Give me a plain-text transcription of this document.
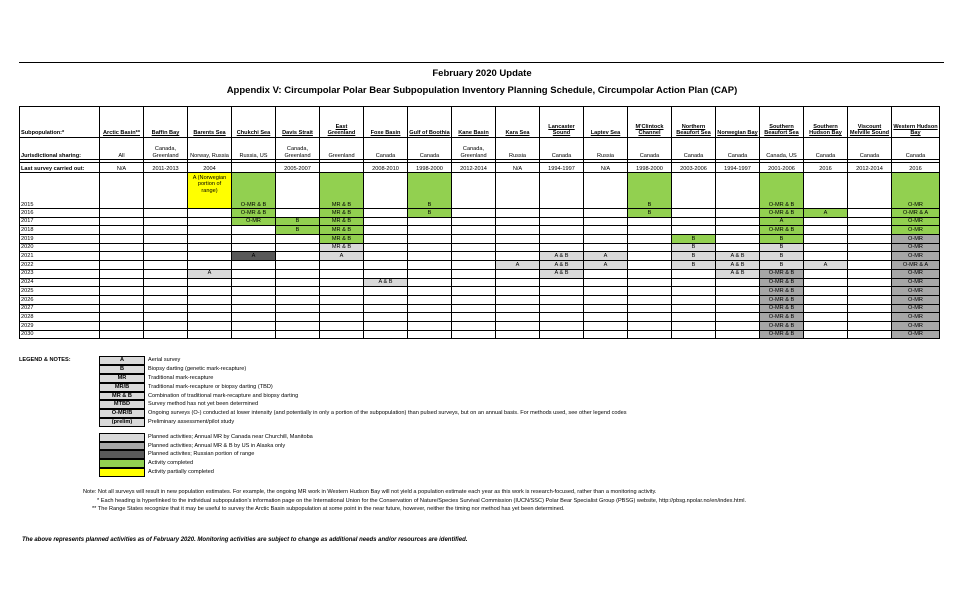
February 2020 Update
Appendix V: Circumpolar Polar Bear Subpopulation Inventory Planning Schedule, Circumpolar Action Plan (CAP)
Subpopulation:*	Arctic Basin**	Baffin Bay	Barents Sea	Chukchi Sea	Davis Strait	East Greenland	Foxe Basin	Gulf of Boothia	Kane Basin	Kara Sea	Lancaster Sound	Laptev Sea	M'Clintock Channel	Northern Beaufort Sea	Norwegian Bay	Southern Beaufort Sea	Southern Hudson Bay	Viscount Melville Sound	Western Hudson Bay
Jurisdictional sharing:	All	Canada, Greenland	Norway, Russia	Russia, US	Canada, Greenland	Greenland	Canada	Canada	Canada, Greenland	Russia	Canada	Russia	Canada	Canada	Canada	Canada, US	Canada	Canada	Canada

Last survey carried out:	N/A	2011-2013	2004		2005-2007		2008-2010	1998-2000	2012-2014	N/A	1994-1997	N/A	1998-2000	2003-2006	1994-1997	2001-2006	2016	2012-2014	2016
2015			A (Norwegian portion of range)	O-MR & B		MR & B		B					B			O-MR & B			O-MR
2016				O-MR & B		MR & B		B					B			O-MR & B	A		O-MR & A
2017				O-MR	B	MR & B										A			O-MR
2018					B	MR & B										O-MR & B			O-MR
2019						MR & B								B		B			O-MR
2020						MR & B								B		B			O-MR
2021				A		A					A & B	A		B	A & B	B			O-MR
2022										A	A & B	A		B	A & B	B	A		O-MR & A
2023			A								A & B				A & B	O-MR & B			O-MR
2024							A & B									O-MR & B			O-MR
2025																O-MR & B			O-MR
2026																O-MR & B			O-MR
2027																O-MR & B			O-MR
2028																O-MR & B			O-MR
2029																O-MR & B			O-MR
2030																O-MR & B			O-MR
LEGEND & NOTES:	A	Aerial survey
B	Biopsy darting (genetic mark-recapture)
MR	Traditional mark-recapture
MR/B	Traditional mark-recapture or biopsy darting (TBD)
MR & B	Combination of traditional mark-recapture and biopsy darting
MTBD	Survey method has not yet been determined
O-MR/B	Ongoing surveys (O-) conducted at lower intensity (and potentially in only a portion of the subpopulation) than pulsed surveys, but on an annual basis. For methods used, see other legend codes
(prelim)	Preliminary assessment/pilot study
Planned activities; Annual MR by Canada near Churchill, Manitoba
Planned activities; Annual MR & B by US in Alaska only
Planned activites; Russian portion of range
Activity completed
Activity partially completed
Note: Not all surveys will result in new population estimates. For example, the ongoing MR work in Western Hudson Bay will not yield a population estimate each year as this work is research-focused, rather than a monitoring activity.
* Each heading is hyperlinked to the individual subpopulation's information page on the International Union for the Conservation of Nature/Species Survival Commission (IUCN/SSC) Polar Bear Specialist Group (PBSG) website, http://pbsg.npolar.no/en/index.html.
** The Range States recognize that it may be useful to survey the Arctic Basin subpopulation at some point in the near future, however, neither the timing nor method has yet been determined.
The above represents planned activities as of February 2020. Monitoring activities are subject to change as additional needs and/or resources are identified.
